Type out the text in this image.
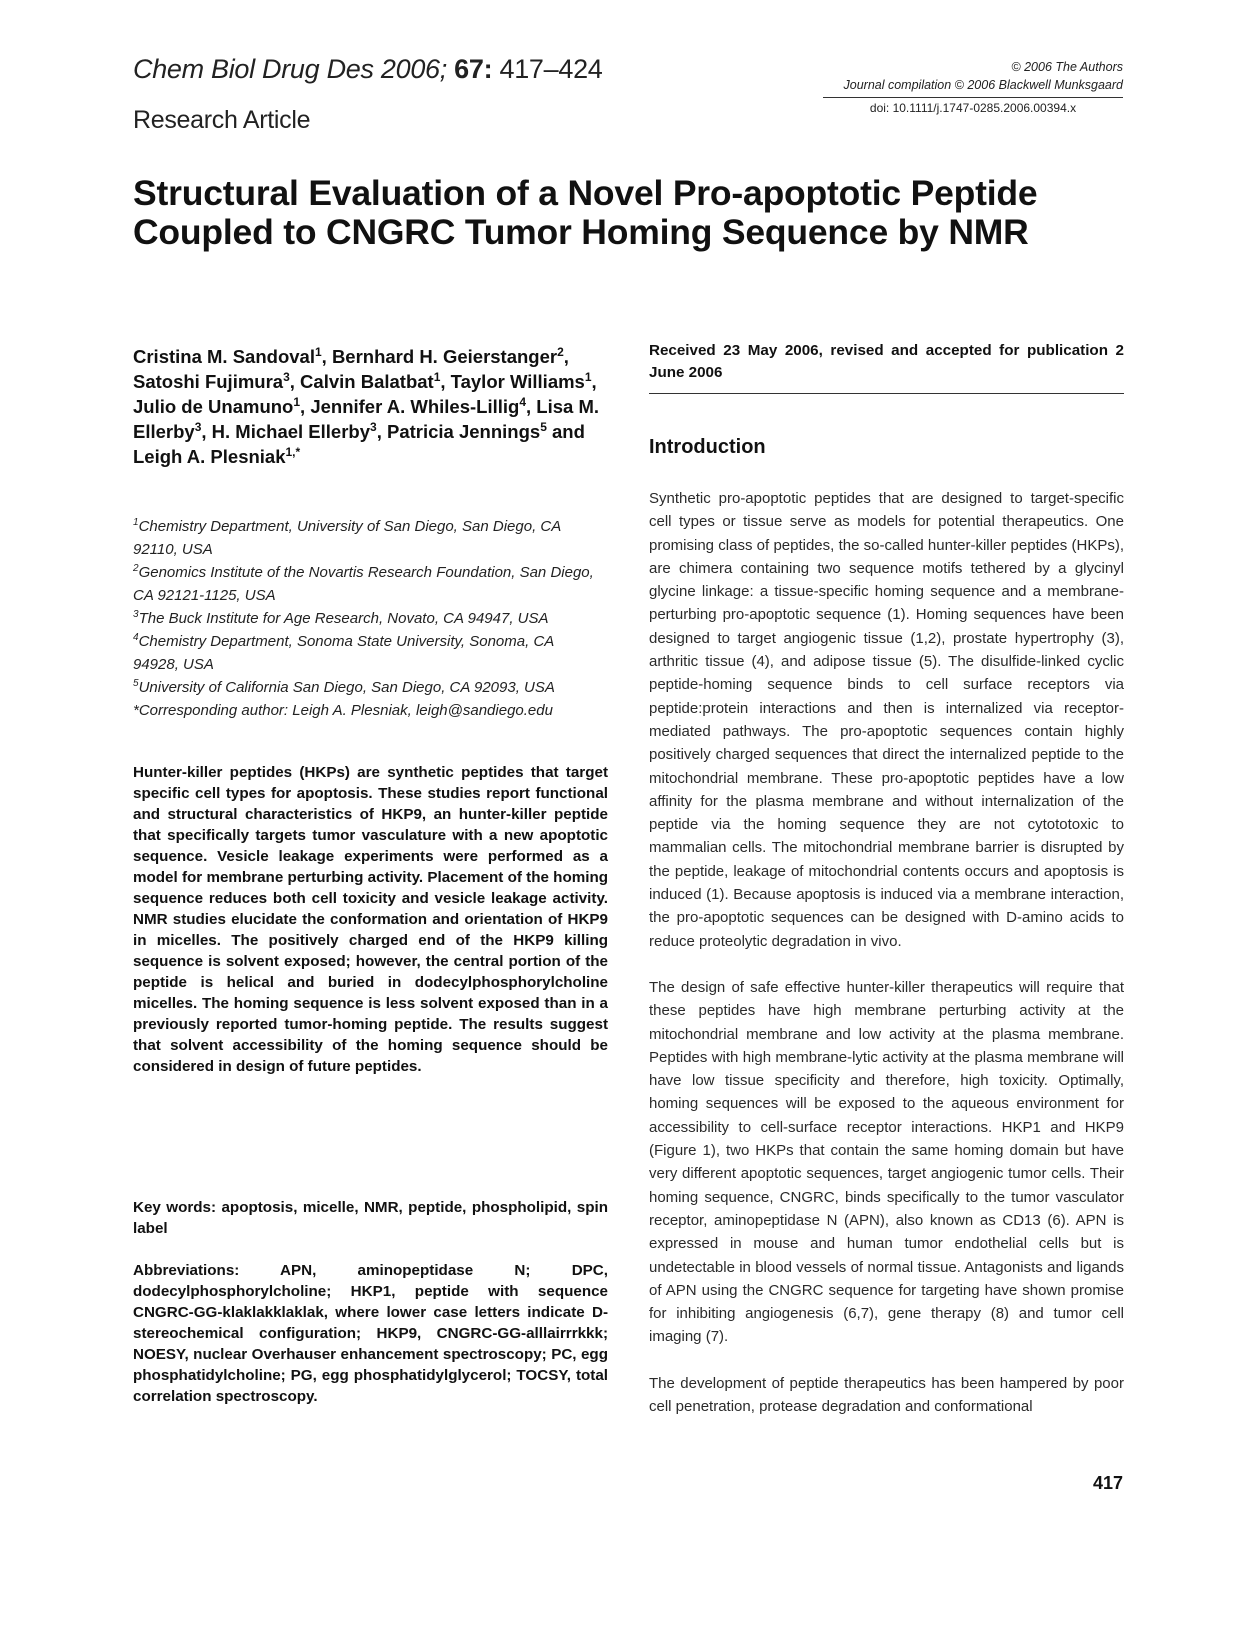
Chem Biol Drug Des 2006; 67: 417–424
Research Article
© 2006 The Authors
Journal compilation © 2006 Blackwell Munksgaard
doi: 10.1111/j.1747-0285.2006.00394.x
Structural Evaluation of a Novel Pro-apoptotic Peptide Coupled to CNGRC Tumor Homing Sequence by NMR
Cristina M. Sandoval$^1$, Bernhard H. Geierstanger$^2$, Satoshi Fujimura$^3$, Calvin Balatbat$^1$, Taylor Williams$^1$, Julio de Unamuno$^1$, Jennifer A. Whiles-Lillig$^4$, Lisa M. Ellerby$^3$, H. Michael Ellerby$^3$, Patricia Jennings$^5$ and Leigh A. Plesniak$^{1,*}$
$^1$Chemistry Department, University of San Diego, San Diego, CA 92110, USA
$^2$Genomics Institute of the Novartis Research Foundation, San Diego, CA 92121-1125, USA
$^3$The Buck Institute for Age Research, Novato, CA 94947, USA
$^4$Chemistry Department, Sonoma State University, Sonoma, CA 94928, USA
$^5$University of California San Diego, San Diego, CA 92093, USA
*Corresponding author: Leigh A. Plesniak, leigh@sandiego.edu
Hunter-killer peptides (HKPs) are synthetic peptides that target specific cell types for apoptosis. These studies report functional and structural characteristics of HKP9, an hunter-killer peptide that specifically targets tumor vasculature with a new apoptotic sequence. Vesicle leakage experiments were performed as a model for membrane perturbing activity. Placement of the homing sequence reduces both cell toxicity and vesicle leakage activity. NMR studies elucidate the conformation and orientation of HKP9 in micelles. The positively charged end of the HKP9 killing sequence is solvent exposed; however, the central portion of the peptide is helical and buried in dodecylphosphorylcholine micelles. The homing sequence is less solvent exposed than in a previously reported tumor-homing peptide. The results suggest that solvent accessibility of the homing sequence should be considered in design of future peptides.
Key words: apoptosis, micelle, NMR, peptide, phospholipid, spin label
Abbreviations: APN, aminopeptidase N; DPC, dodecylphosphorylcholine; HKP1, peptide with sequence CNGRC-GG-klaklakklaklak, where lower case letters indicate D-stereochemical configuration; HKP9, CNGRC-GG-alllairrrkkk; NOESY, nuclear Overhauser enhancement spectroscopy; PC, egg phosphatidylcholine; PG, egg phosphatidylglycerol; TOCSY, total correlation spectroscopy.
Received 23 May 2006, revised and accepted for publication 2 June 2006
Introduction

Synthetic pro-apoptotic peptides that are designed to target-specific cell types or tissue serve as models for potential therapeutics. One promising class of peptides, the so-called hunter-killer peptides (HKPs), are chimera containing two sequence motifs tethered by a glycinyl glycine linkage: a tissue-specific homing sequence and a membrane-perturbing pro-apoptotic sequence (1). Homing sequences have been designed to target angiogenic tissue (1,2), prostate hypertrophy (3), arthritic tissue (4), and adipose tissue (5). The disulfide-linked cyclic peptide-homing sequence binds to cell surface receptors via peptide:protein interactions and then is internalized via receptor-mediated pathways. The pro-apoptotic sequences contain highly positively charged sequences that direct the internalized peptide to the mitochondrial membrane. These pro-apoptotic peptides have a low affinity for the plasma membrane and without internalization of the peptide via the homing sequence they are not cytototoxic to mammalian cells. The mitochondrial membrane barrier is disrupted by the peptide, leakage of mitochondrial contents occurs and apoptosis is induced (1). Because apoptosis is induced via a membrane interaction, the pro-apoptotic sequences can be designed with D-amino acids to reduce proteolytic degradation in vivo.

The design of safe effective hunter-killer therapeutics will require that these peptides have high membrane perturbing activity at the mitochondrial membrane and low activity at the plasma membrane. Peptides with high membrane-lytic activity at the plasma membrane will have low tissue specificity and therefore, high toxicity. Optimally, homing sequences will be exposed to the aqueous environment for accessibility to cell-surface receptor interactions. HKP1 and HKP9 (Figure 1), two HKPs that contain the same homing domain but have very different apoptotic sequences, target angiogenic tumor cells. Their homing sequence, CNGRC, binds specifically to the tumor vasculator receptor, aminopeptidase N (APN), also known as CD13 (6). APN is expressed in mouse and human tumor endothelial cells but is undetectable in blood vessels of normal tissue. Antagonists and ligands of APN using the CNGRC sequence for targeting have shown promise for inhibiting angiogenesis (6,7), gene therapy (8) and tumor cell imaging (7).

The development of peptide therapeutics has been hampered by poor cell penetration, protease degradation and conformational

417
